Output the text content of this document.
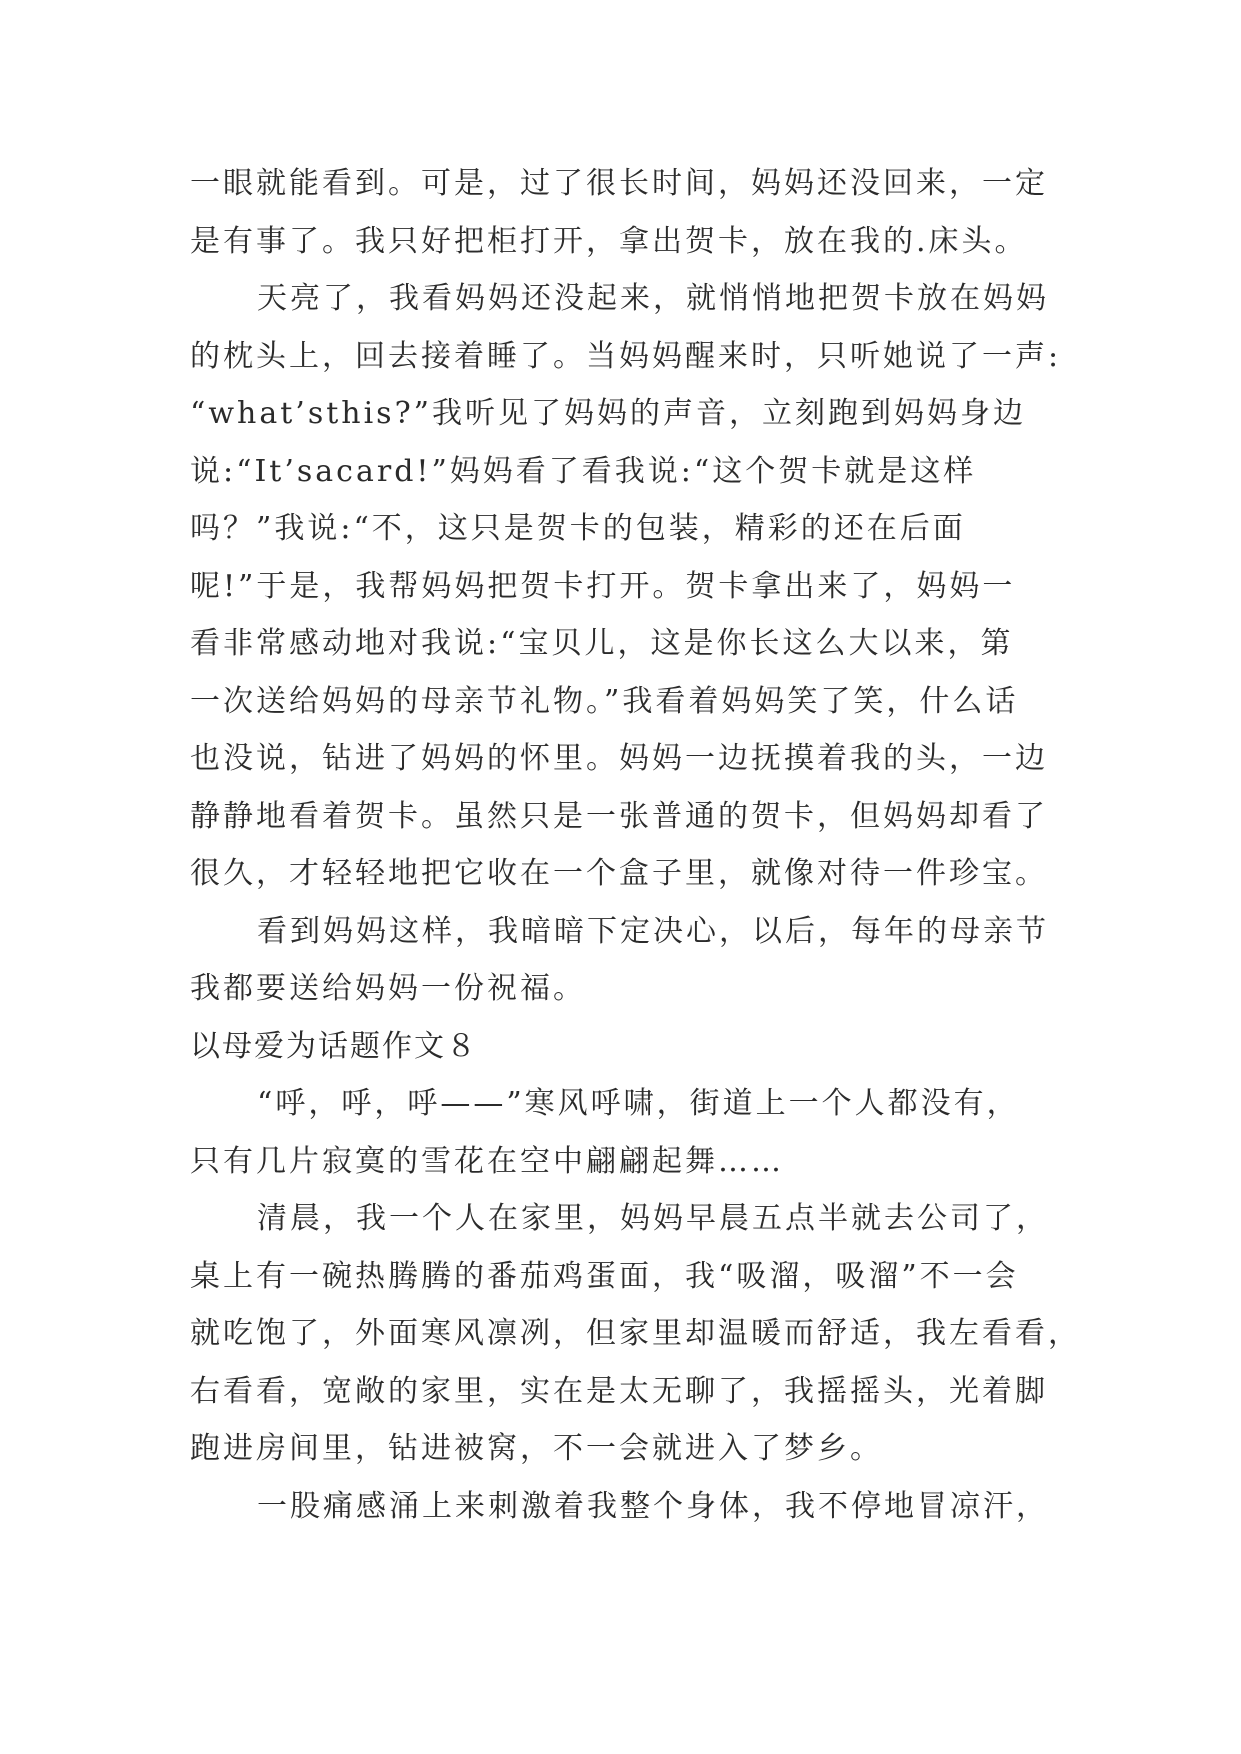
一眼就能看到。可是，过了很长时间，妈妈还没回来，一定
是有事了。我只好把柜打开，拿出贺卡，放在我的.床头。
天亮了，我看妈妈还没起来，就悄悄地把贺卡放在妈妈
的枕头上，回去接着睡了。当妈妈醒来时，只听她说了一声:
“what’sthis?”我听见了妈妈的声音，立刻跑到妈妈身边
说:“It’sacard!”妈妈看了看我说:“这个贺卡就是这样
吗？”我说:“不，这只是贺卡的包装，精彩的还在后面
呢!”于是，我帮妈妈把贺卡打开。贺卡拿出来了，妈妈一
看非常感动地对我说:“宝贝儿，这是你长这么大以来，第
一次送给妈妈的母亲节礼物。”我看着妈妈笑了笑，什么话
也没说，钻进了妈妈的怀里。妈妈一边抚摸着我的头，一边
静静地看着贺卡。虽然只是一张普通的贺卡，但妈妈却看了
很久，才轻轻地把它收在一个盒子里，就像对待一件珍宝。
看到妈妈这样，我暗暗下定决心，以后，每年的母亲节
我都要送给妈妈一份祝福。
以母爱为话题作文８
“呼，呼，呼——”寒风呼啸，街道上一个人都没有，
只有几片寂寞的雪花在空中翩翩起舞……
清晨，我一个人在家里，妈妈早晨五点半就去公司了，
桌上有一碗热腾腾的番茄鸡蛋面，我“吸溜，吸溜”不一会
就吃饱了，外面寒风凛冽，但家里却温暖而舒适，我左看看，
右看看，宽敞的家里，实在是太无聊了，我摇摇头，光着脚
跑进房间里，钻进被窝，不一会就进入了梦乡。
一股痛感涌上来刺激着我整个身体，我不停地冒凉汗，
